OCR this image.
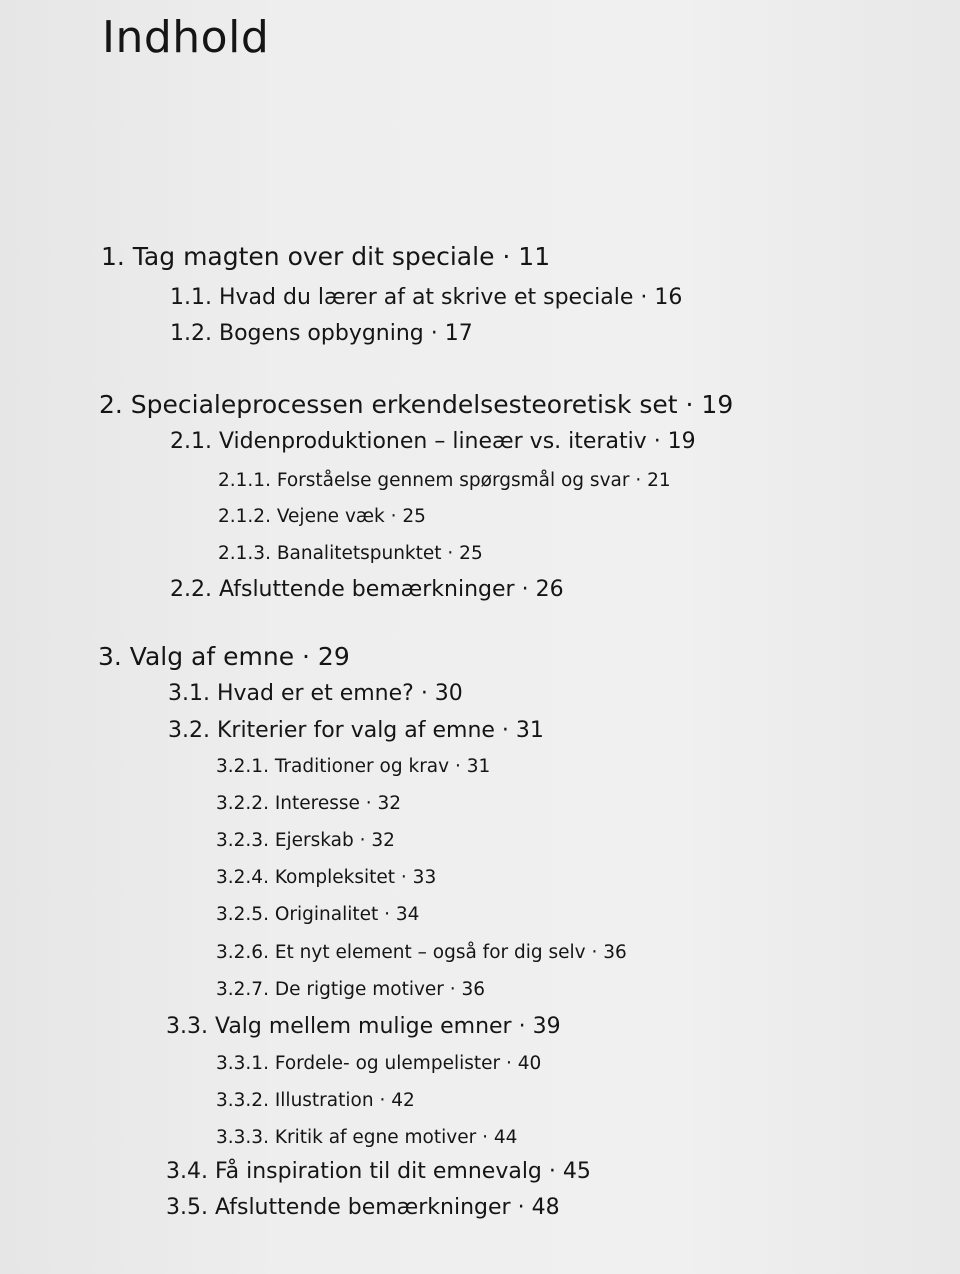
Indhold
1. Tag magten over dit speciale · 11
1.1. Hvad du lærer af at skrive et speciale · 16
1.2. Bogens opbygning · 17
2. Specialeprocessen erkendelsesteoretisk set · 19
2.1. Videnproduktionen – lineær vs. iterativ · 19
2.1.1. Forståelse gennem spørgsmål og svar · 21
2.1.2. Vejene væk · 25
2.1.3. Banalitetspunktet · 25
2.2. Afsluttende bemærkninger · 26
3. Valg af emne · 29
3.1. Hvad er et emne? · 30
3.2. Kriterier for valg af emne · 31
3.2.1. Traditioner og krav · 31
3.2.2. Interesse · 32
3.2.3. Ejerskab · 32
3.2.4. Kompleksitet · 33
3.2.5. Originalitet · 34
3.2.6. Et nyt element – også for dig selv · 36
3.2.7. De rigtige motiver · 36
3.3. Valg mellem mulige emner · 39
3.3.1. Fordele- og ulempelister · 40
3.3.2. Illustration · 42
3.3.3. Kritik af egne motiver · 44
3.4. Få inspiration til dit emnevalg · 45
3.5. Afsluttende bemærkninger · 48
